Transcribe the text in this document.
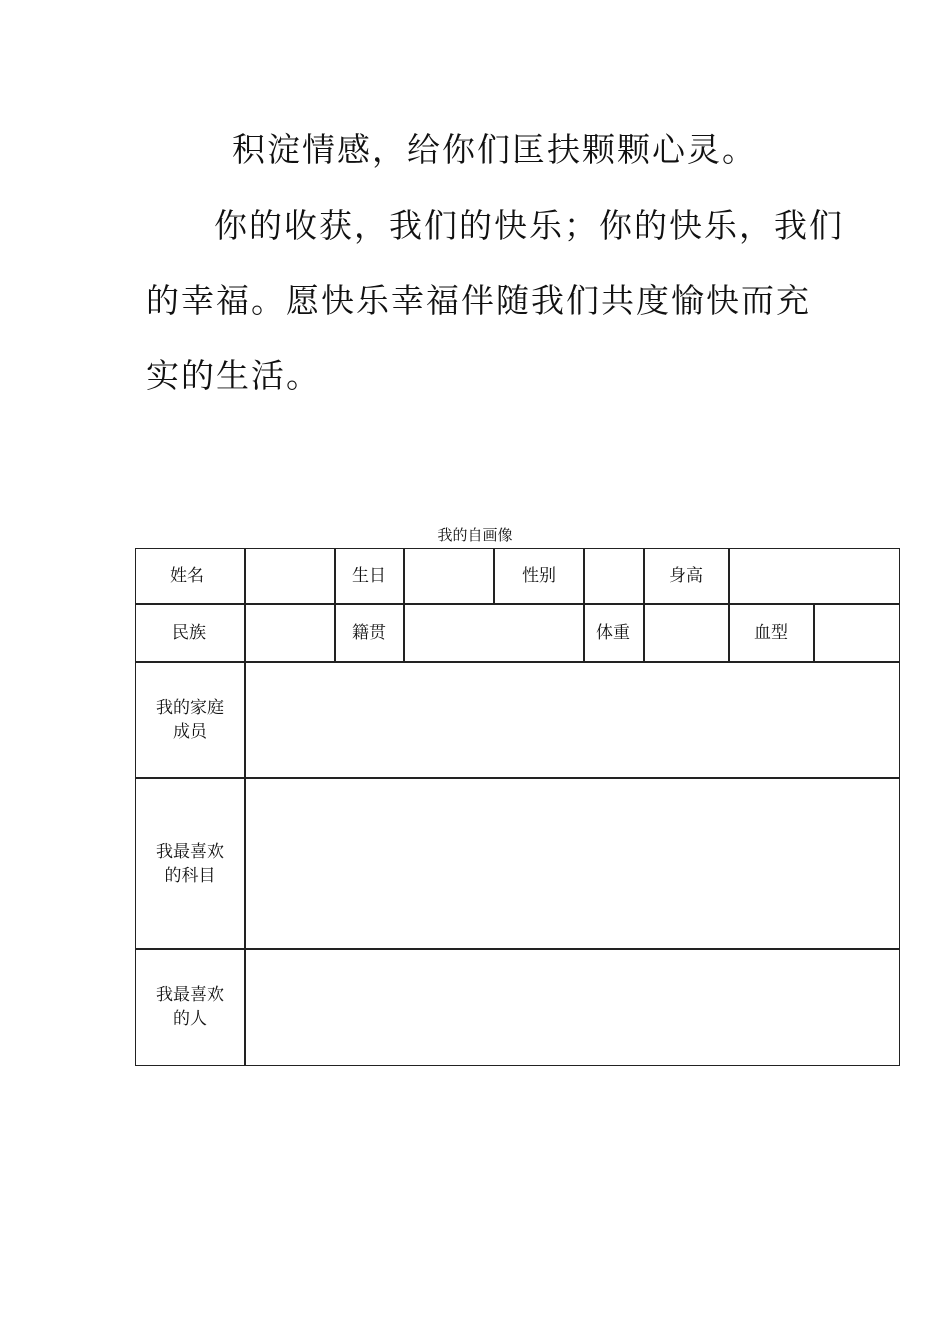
积淀情感，给你们匡扶颗颗心灵。
你的收获，我们的快乐；你的快乐，我们
的幸福。愿快乐幸福伴随我们共度愉快而充
实的生活。
我的自画像
姓名	生日	性别	身高
民族	籍贯	体重	血型
我的家庭成员
我最喜欢的科目
我最喜欢的人
